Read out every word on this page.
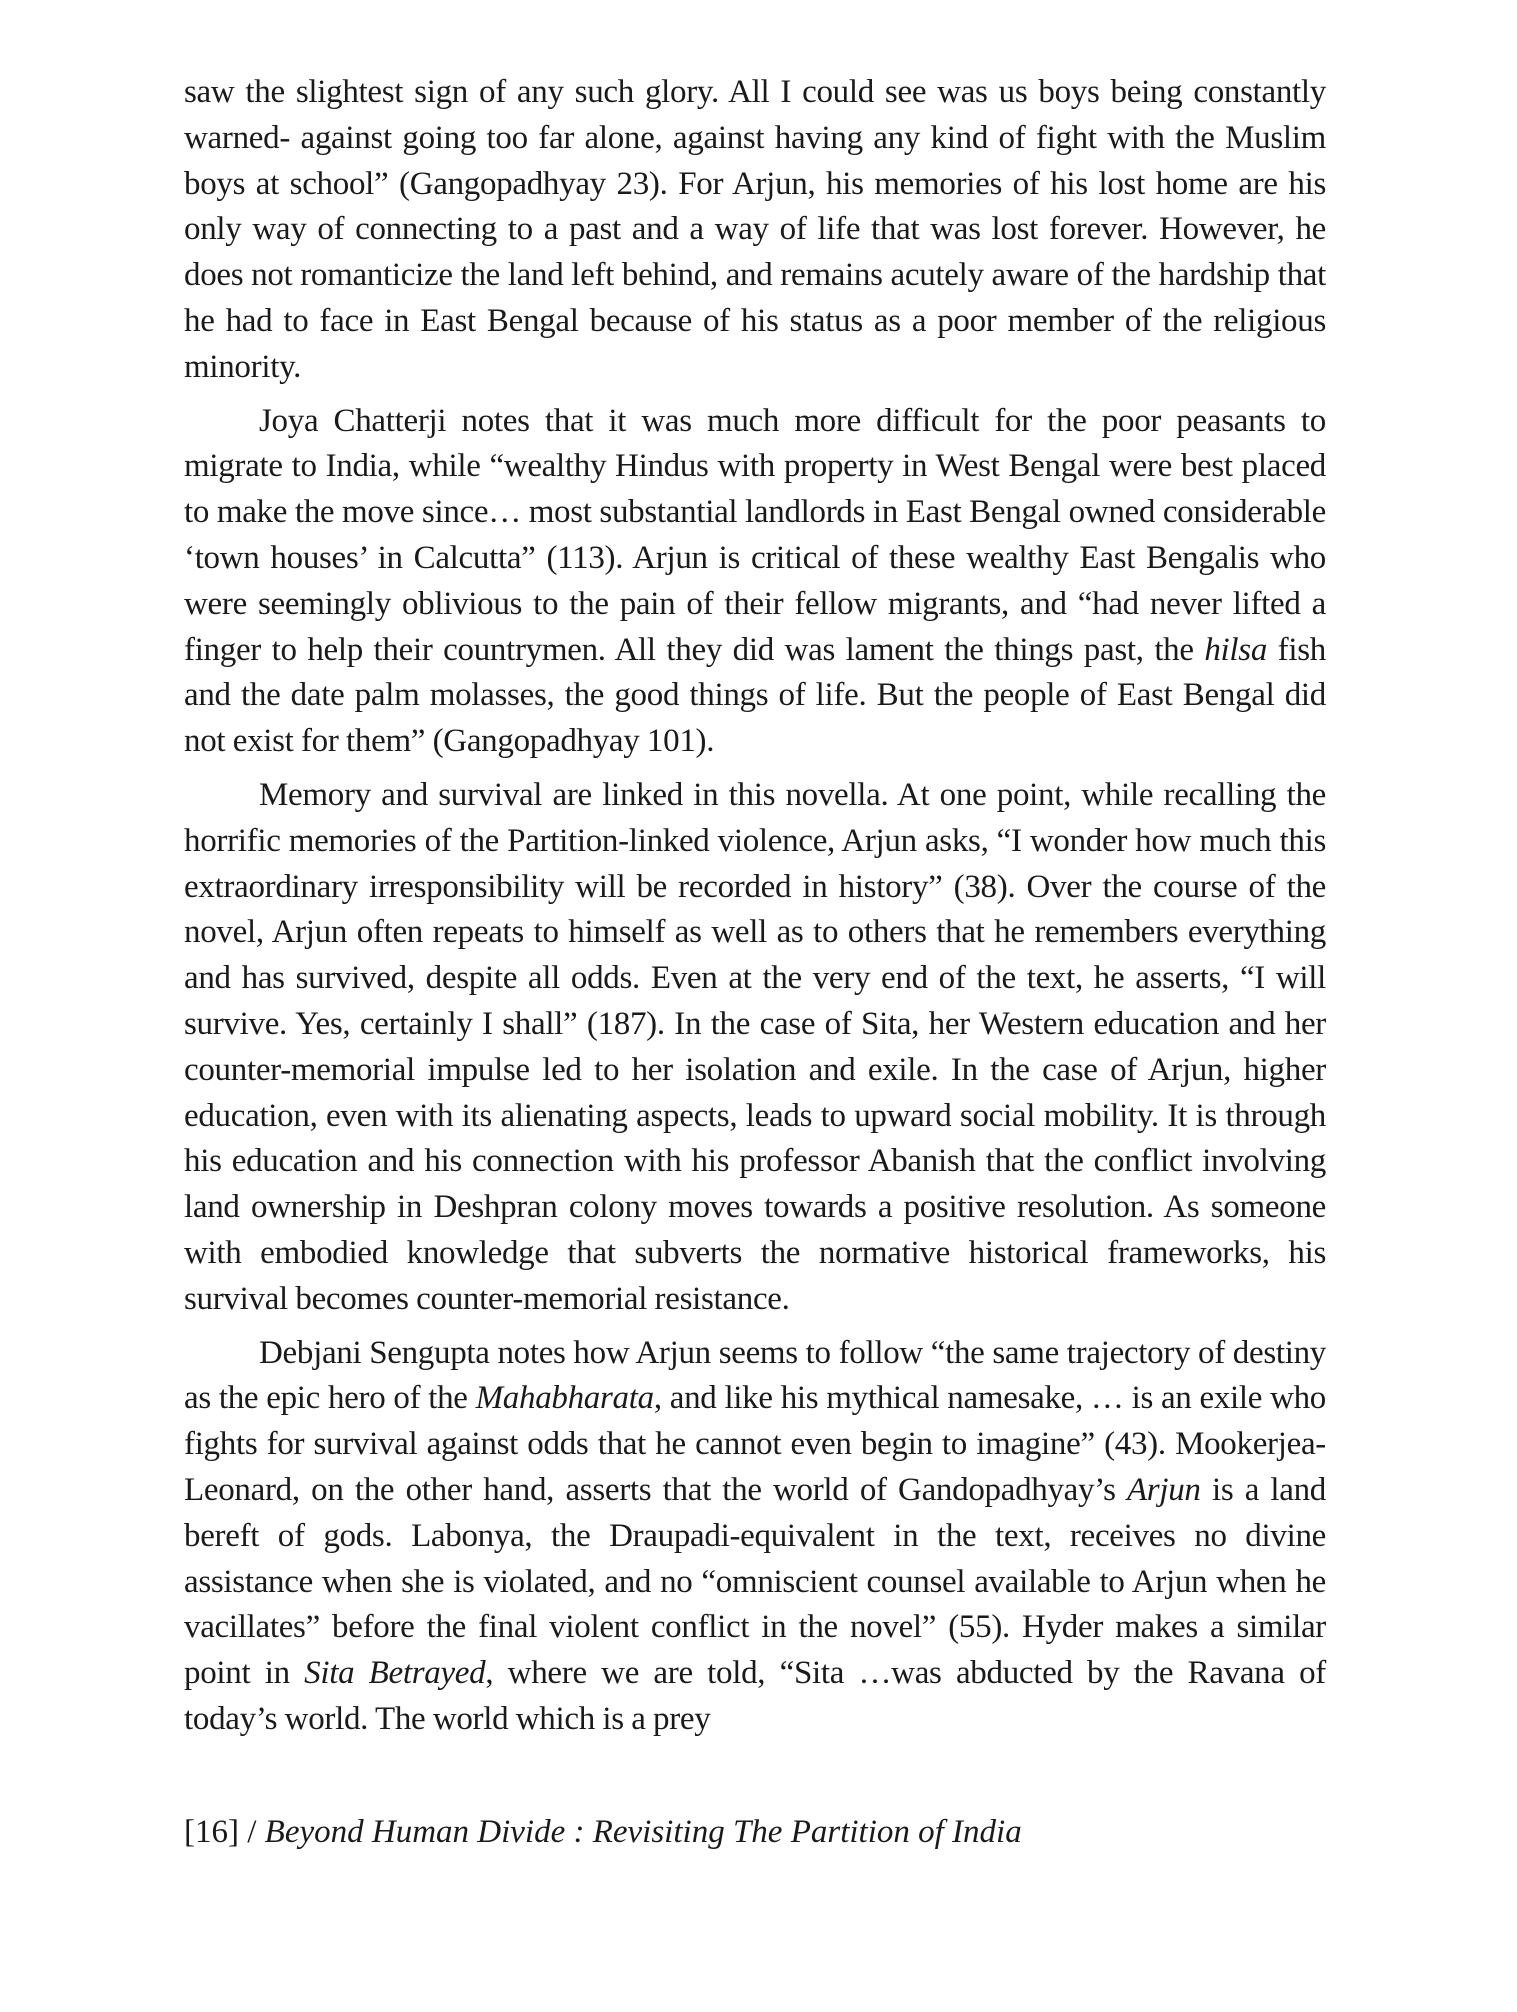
saw the slightest sign of any such glory. All I could see was us boys being constantly warned- against going too far alone, against having any kind of fight with the Muslim boys at school” (Gangopadhyay 23). For Arjun, his memories of his lost home are his only way of connecting to a past and a way of life that was lost forever. However, he does not romanticize the land left behind, and remains acutely aware of the hardship that he had to face in East Bengal because of his status as a poor member of the religious minority.

Joya Chatterji notes that it was much more difficult for the poor peasants to migrate to India, while “wealthy Hindus with property in West Bengal were best placed to make the move since… most substantial landlords in East Bengal owned considerable ‘town houses’ in Calcutta” (113). Arjun is critical of these wealthy East Bengalis who were seemingly oblivious to the pain of their fellow migrants, and “had never lifted a finger to help their countrymen. All they did was lament the things past, the hilsa fish and the date palm molasses, the good things of life. But the people of East Bengal did not exist for them” (Gangopadhyay 101).

Memory and survival are linked in this novella. At one point, while recalling the horrific memories of the Partition-linked violence, Arjun asks, “I wonder how much this extraordinary irresponsibility will be recorded in history” (38). Over the course of the novel, Arjun often repeats to himself as well as to others that he remembers everything and has survived, despite all odds. Even at the very end of the text, he asserts, “I will survive. Yes, certainly I shall” (187). In the case of Sita, her Western education and her counter-memorial impulse led to her isolation and exile. In the case of Arjun, higher education, even with its alienating aspects, leads to upward social mobility. It is through his education and his connection with his professor Abanish that the conflict involving land ownership in Deshpran colony moves towards a positive resolution. As someone with embodied knowledge that subverts the normative historical frameworks, his survival becomes counter-memorial resistance.

Debjani Sengupta notes how Arjun seems to follow “the same trajectory of destiny as the epic hero of the Mahabharata, and like his mythical namesake, … is an exile who fights for survival against odds that he cannot even begin to imagine” (43). Mookerjea-Leonard, on the other hand, asserts that the world of Gandopadhyay’s Arjun is a land bereft of gods. Labonya, the Draupadi-equivalent in the text, receives no divine assistance when she is violated, and no “omniscient counsel available to Arjun when he vacillates” before the final violent conflict in the novel” (55). Hyder makes a similar point in Sita Betrayed, where we are told, “Sita …was abducted by the Ravana of today’s world. The world which is a prey

[16] / Beyond Human Divide : Revisiting The Partition of India
